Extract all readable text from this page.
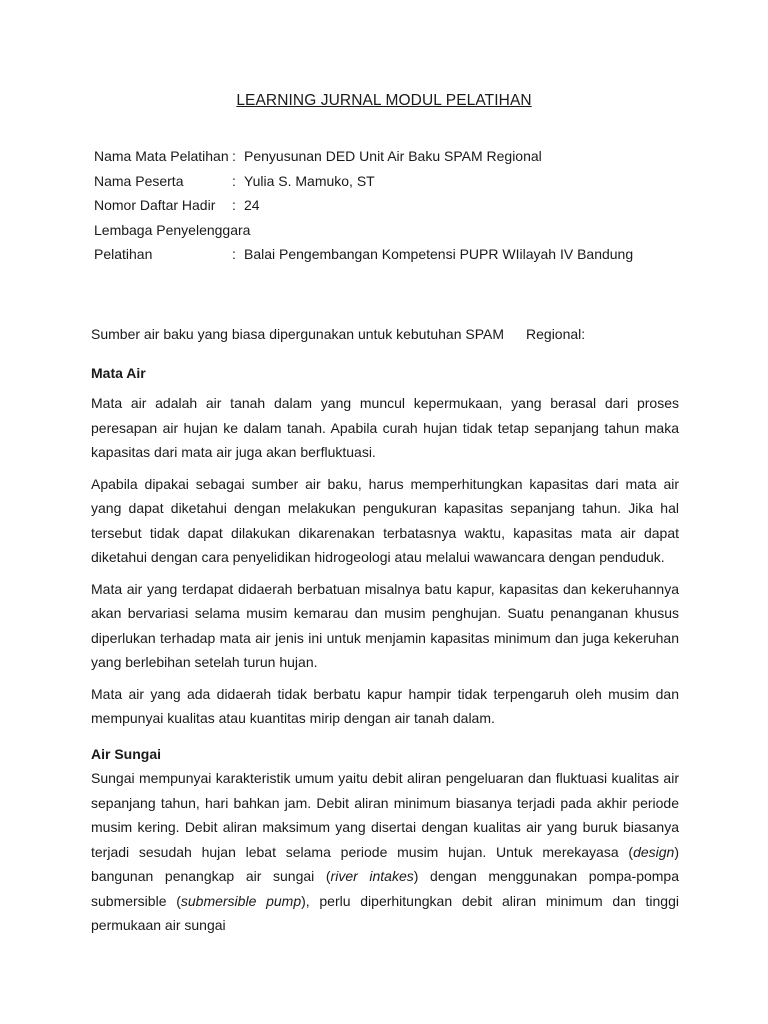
LEARNING JURNAL MODUL PELATIHAN
Nama Mata Pelatihan : Penyusunan DED Unit Air Baku SPAM Regional
Nama Peserta	: Yulia S. Mamuko, ST
Nomor Daftar Hadir	: 24
Lembaga Penyelenggara
Pelatihan	: Balai Pengembangan Kompetensi PUPR WIilayah IV Bandung
Sumber air baku yang biasa dipergunakan untuk kebutuhan SPAM Regional:
Mata Air

Mata air adalah air tanah dalam yang muncul kepermukaan, yang berasal dari proses peresapan air hujan ke dalam tanah. Apabila curah hujan tidak tetap sepanjang tahun maka kapasitas dari mata air juga akan berfluktuasi.

Apabila dipakai sebagai sumber air baku, harus memperhitungkan kapasitas dari mata air yang dapat diketahui dengan melakukan pengukuran kapasitas sepanjang tahun. Jika hal tersebut tidak dapat dilakukan dikarenakan terbatasnya waktu, kapasitas mata air dapat diketahui dengan cara penyelidikan hidrogeologi atau melalui wawancara dengan penduduk.

Mata air yang terdapat didaerah berbatuan misalnya batu kapur, kapasitas dan kekeruhannya akan bervariasi selama musim kemarau dan musim penghujan. Suatu penanganan khusus diperlukan terhadap mata air jenis ini untuk menjamin kapasitas minimum dan juga kekeruhan yang berlebihan setelah turun hujan.

Mata air yang ada didaerah tidak berbatu kapur hampir tidak terpengaruh oleh musim dan mempunyai kualitas atau kuantitas mirip dengan air tanah dalam.

Air Sungai

Sungai mempunyai karakteristik umum yaitu debit aliran pengeluaran dan fluktuasi kualitas air sepanjang tahun, hari bahkan jam. Debit aliran minimum biasanya terjadi pada akhir periode musim kering. Debit aliran maksimum yang disertai dengan kualitas air yang buruk biasanya terjadi sesudah hujan lebat selama periode musim hujan. Untuk merekayasa (design) bangunan penangkap air sungai (river intakes) dengan menggunakan pompa-pompa submersible (submersible pump), perlu diperhitungkan debit aliran minimum dan tinggi permukaan air sungai
